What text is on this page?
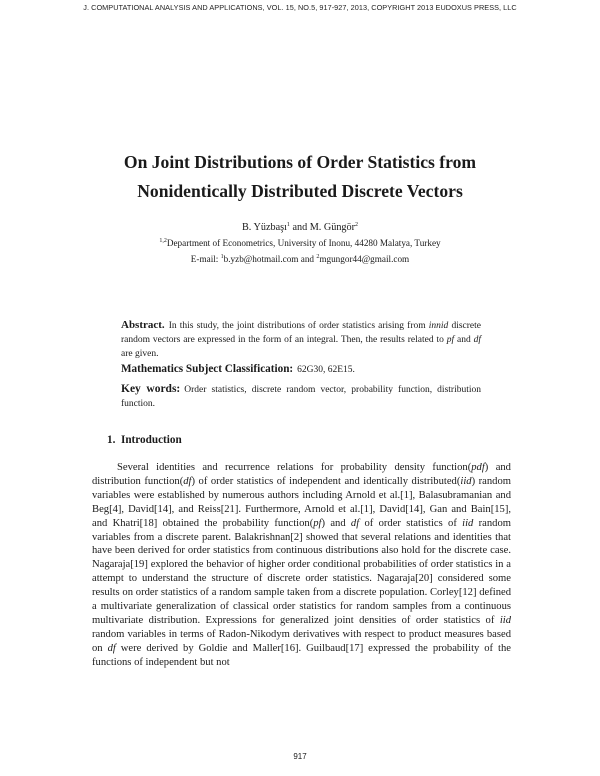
J. COMPUTATIONAL ANALYSIS AND APPLICATIONS, VOL. 15, NO.5, 917-927, 2013, COPYRIGHT 2013 EUDOXUS PRESS, LLC
On Joint Distributions of Order Statistics from
Nonidentically Distributed Discrete Vectors
B. Yüzbaşı$^1$ and M. Güngör$^2$
$^{1,2}$Department of Econometrics, University of Inonu, 44280 Malatya, Turkey
E-mail: $^1$b.yzb@hotmail.com and $^2$mgungor44@gmail.com
Abstract. In this study, the joint distributions of order statistics arising from innid discrete random vectors are expressed in the form of an integral. Then, the results related to pf and df are given.
Mathematics Subject Classification: 62G30, 62E15.
Key words: Order statistics, discrete random vector, probability function, distribution function.
1. Introduction
Several identities and recurrence relations for probability density function(pdf) and distribution function(df) of order statistics of independent and identically distributed(iid) random variables were established by numerous authors including Arnold et al.[1], Balasubramanian and Beg[4], David[14], and Reiss[21]. Furthermore, Arnold et al.[1], David[14], Gan and Bain[15], and Khatri[18] obtained the probability function(pf) and df of order statistics of iid random variables from a discrete parent. Balakrishnan[2] showed that several relations and identities that have been derived for order statistics from continuous distributions also hold for the discrete case. Nagaraja[19] explored the behavior of higher order conditional probabilities of order statistics in a attempt to understand the structure of discrete order statistics. Nagaraja[20] considered some results on order statistics of a random sample taken from a discrete population. Corley[12] defined a multivariate generalization of classical order statistics for random samples from a continuous multivariate distribution. Expressions for generalized joint densities of order statistics of iid random variables in terms of Radon-Nikodym derivatives with respect to product measures based on df were derived by Goldie and Maller[16]. Guilbaud[17] expressed the probability of the functions of independent but not
917
